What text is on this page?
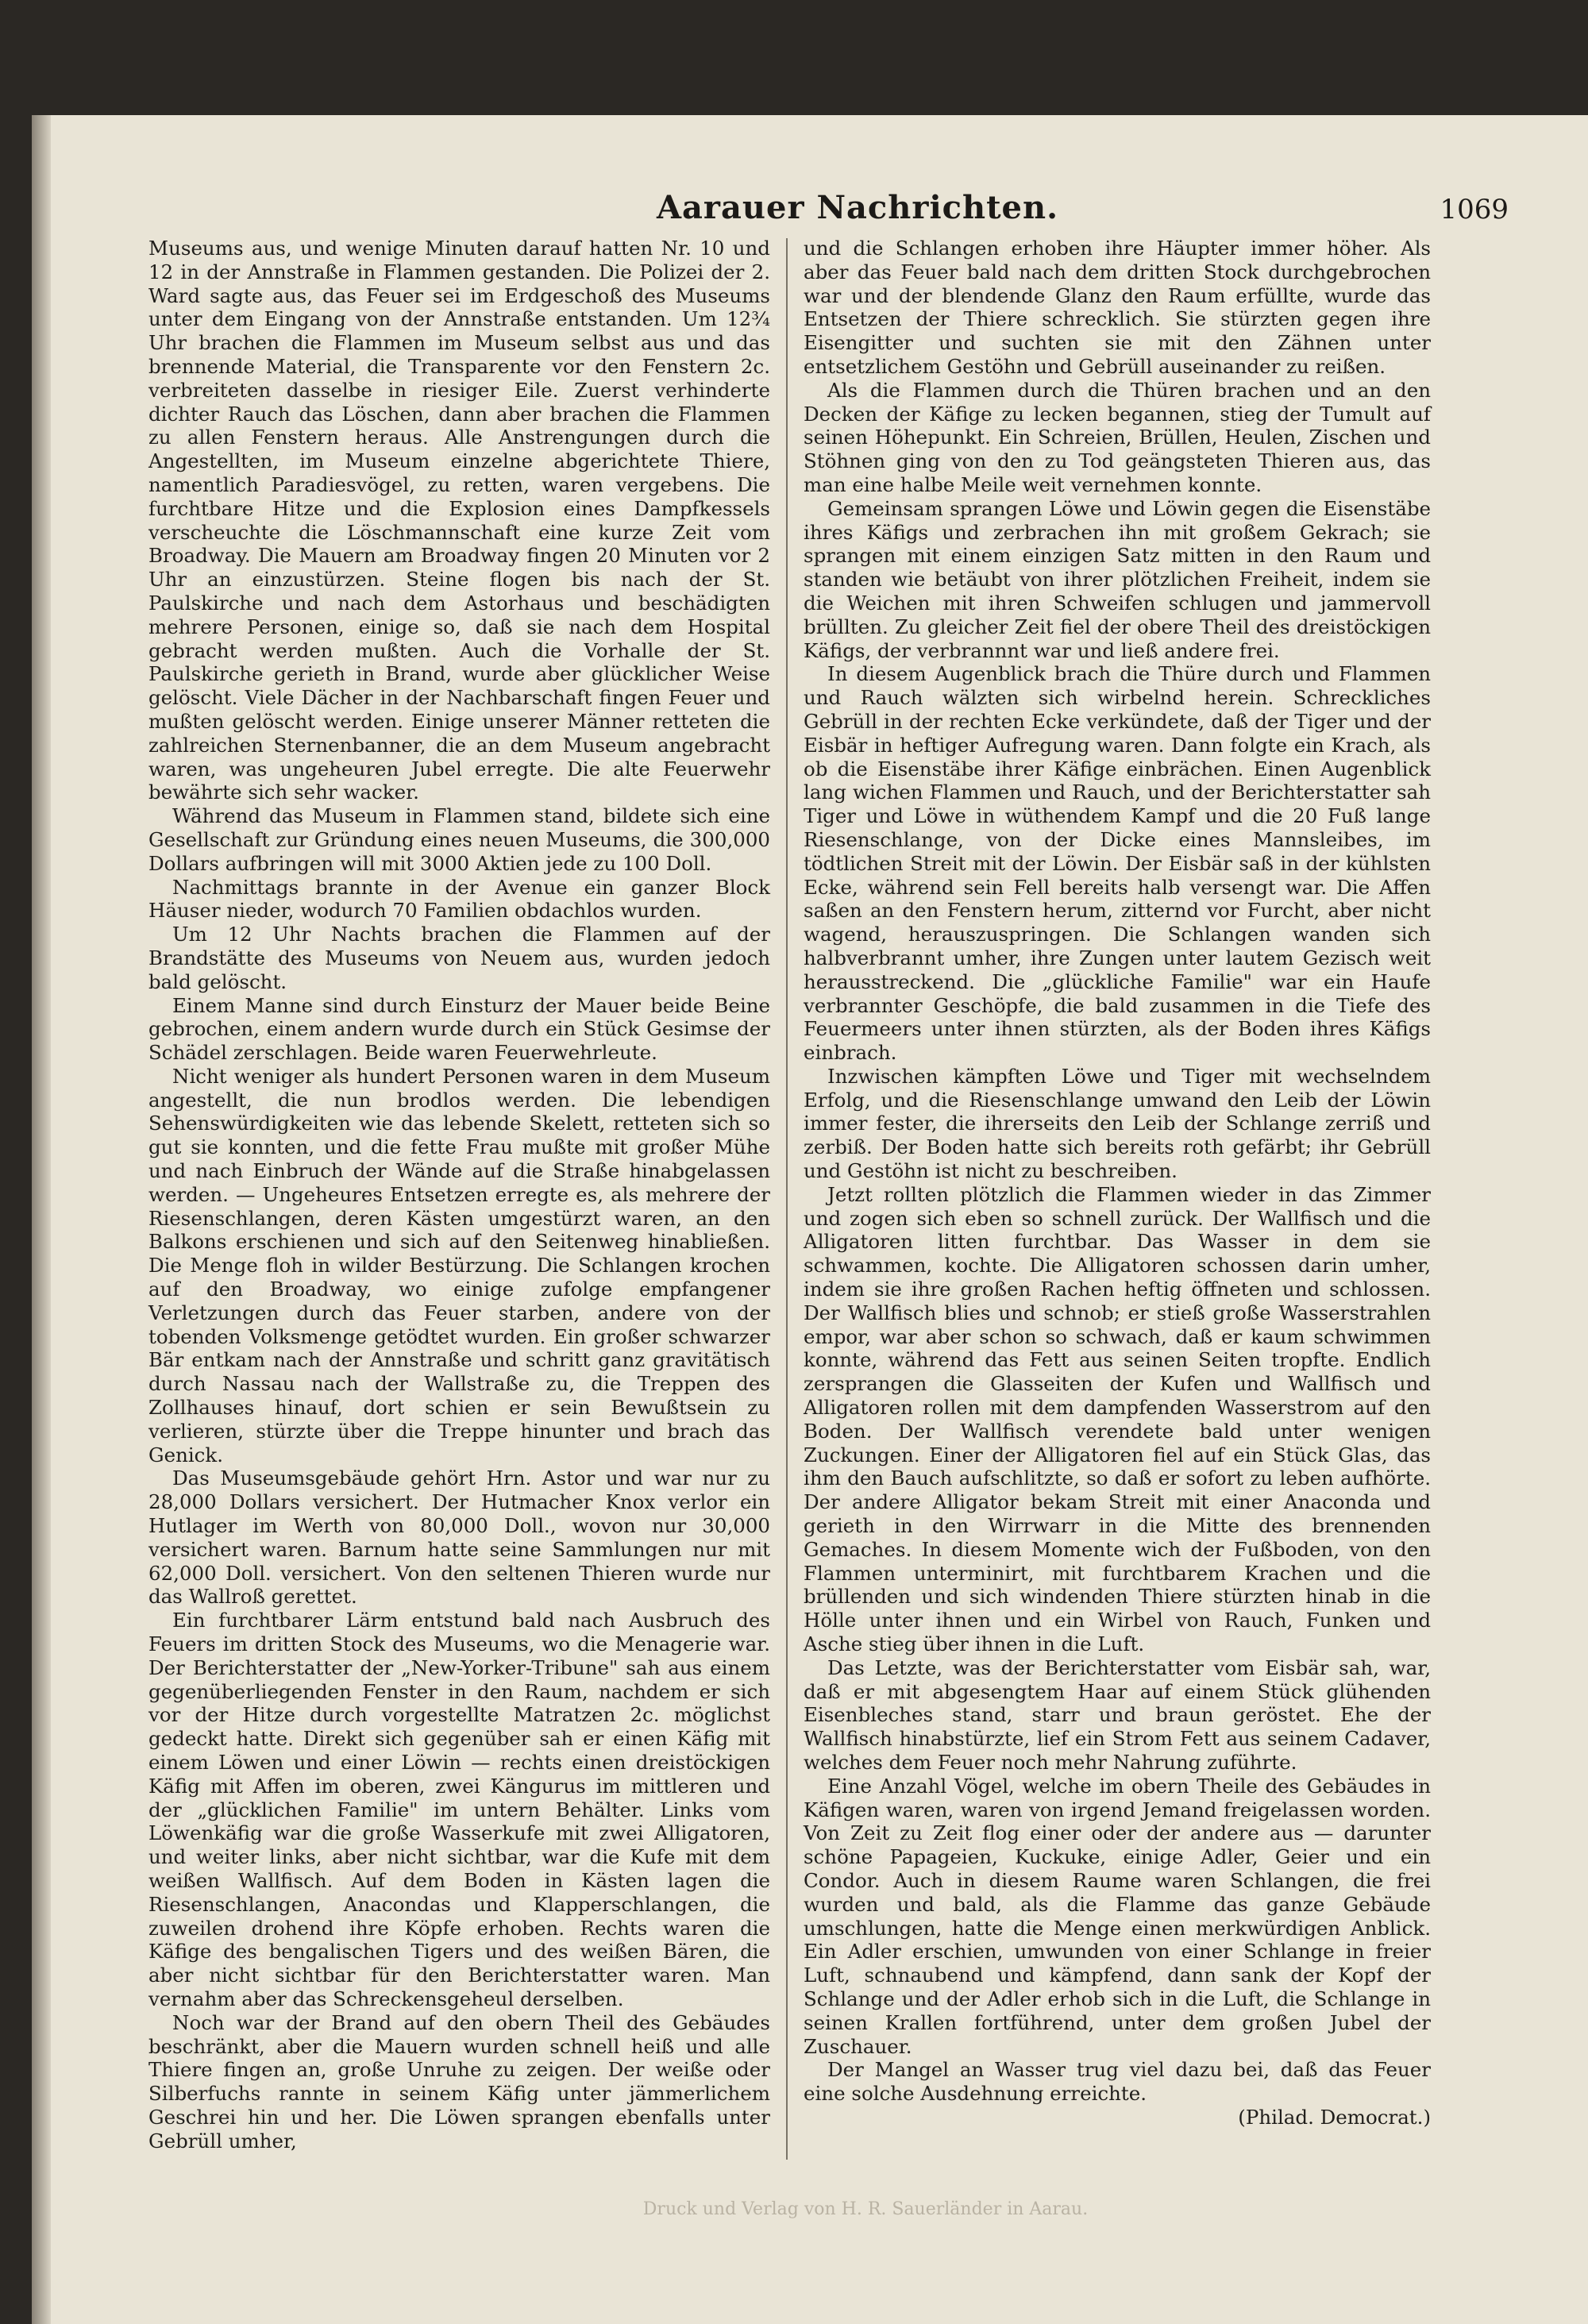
Aarauer Nachrichten.	1069

Museums aus, und wenige Minuten darauf hatten Nr. 10 und 12 in der Annstraße in Flammen gestanden. Die Polizei der 2. Ward sagte aus, das Feuer sei im Erdgeschoß des Museums unter dem Eingang von der Annstraße entstanden. Um 12¾ Uhr brachen die Flammen im Museum selbst aus und das brennende Material, die Transparente vor den Fenstern 2c. verbreiteten dasselbe in riesiger Eile. Zuerst verhinderte dichter Rauch das Löschen, dann aber brachen die Flammen zu allen Fenstern heraus. Alle Anstrengungen durch die Angestellten, im Museum einzelne abgerichtete Thiere, namentlich Paradiesvögel, zu retten, waren vergebens. Die furchtbare Hitze und die Explosion eines Dampfkessels verscheuchte die Löschmannschaft eine kurze Zeit vom Broadway. Die Mauern am Broadway fingen 20 Minuten vor 2 Uhr an einzustürzen. Steine flogen bis nach der St. Paulskirche und nach dem Astorhaus und beschädigten mehrere Personen, einige so, daß sie nach dem Hospital gebracht werden mußten. Auch die Vorhalle der St. Paulskirche gerieth in Brand, wurde aber glücklicher Weise gelöscht. Viele Dächer in der Nachbarschaft fingen Feuer und mußten gelöscht werden. Einige unserer Männer retteten die zahlreichen Sternenbanner, die an dem Museum angebracht waren, was ungeheuren Jubel erregte. Die alte Feuerwehr bewährte sich sehr wacker.

Während das Museum in Flammen stand, bildete sich eine Gesellschaft zur Gründung eines neuen Museums, die 300,000 Dollars aufbringen will mit 3000 Aktien jede zu 100 Doll.

Nachmittags brannte in der Avenue ein ganzer Block Häuser nieder, wodurch 70 Familien obdachlos wurden.

Um 12 Uhr Nachts brachen die Flammen auf der Brandstätte des Museums von Neuem aus, wurden jedoch bald gelöscht.

Einem Manne sind durch Einsturz der Mauer beide Beine gebrochen, einem andern wurde durch ein Stück Gesimse der Schädel zerschlagen. Beide waren Feuerwehrleute.

Nicht weniger als hundert Personen waren in dem Museum angestellt, die nun brodlos werden. Die lebendigen Sehenswürdigkeiten wie das lebende Skelett, retteten sich so gut sie konnten, und die fette Frau mußte mit großer Mühe und nach Einbruch der Wände auf die Straße hinabgelassen werden. — Ungeheures Entsetzen erregte es, als mehrere der Riesenschlangen, deren Kästen umgestürzt waren, an den Balkons erschienen und sich auf den Seitenweg hinabließen. Die Menge floh in wilder Bestürzung. Die Schlangen krochen auf den Broadway, wo einige zufolge empfangener Verletzungen durch das Feuer starben, andere von der tobenden Volksmenge getödtet wurden. Ein großer schwarzer Bär entkam nach der Annstraße und schritt ganz gravitätisch durch Nassau nach der Wallstraße zu, die Treppen des Zollhauses hinauf, dort schien er sein Bewußtsein zu verlieren, stürzte über die Treppe hinunter und brach das Genick.

Das Museumsgebäude gehört Hrn. Astor und war nur zu 28,000 Dollars versichert. Der Hutmacher Knox verlor ein Hutlager im Werth von 80,000 Doll., wovon nur 30,000 versichert waren. Barnum hatte seine Sammlungen nur mit 62,000 Doll. versichert. Von den seltenen Thieren wurde nur das Wallroß gerettet.

Ein furchtbarer Lärm entstund bald nach Ausbruch des Feuers im dritten Stock des Museums, wo die Menagerie war. Der Berichterstatter der „New-Yorker-Tribune" sah aus einem gegenüberliegenden Fenster in den Raum, nachdem er sich vor der Hitze durch vorgestellte Matratzen 2c. möglichst gedeckt hatte. Direkt sich gegenüber sah er einen Käfig mit einem Löwen und einer Löwin — rechts einen dreistöckigen Käfig mit Affen im oberen, zwei Kängurus im mittleren und der „glücklichen Familie" im untern Behälter. Links vom Löwenkäfig war die große Wasserkufe mit zwei Alligatoren, und weiter links, aber nicht sichtbar, war die Kufe mit dem weißen Wallfisch. Auf dem Boden in Kästen lagen die Riesenschlangen, Anacondas und Klapperschlangen, die zuweilen drohend ihre Köpfe erhoben. Rechts waren die Käfige des bengalischen Tigers und des weißen Bären, die aber nicht sichtbar für den Berichterstatter waren. Man vernahm aber das Schreckensgeheul derselben.

Noch war der Brand auf den obern Theil des Gebäudes beschränkt, aber die Mauern wurden schnell heiß und alle Thiere fingen an, große Unruhe zu zeigen. Der weiße oder Silberfuchs rannte in seinem Käfig unter jämmerlichem Geschrei hin und her. Die Löwen sprangen ebenfalls unter Gebrüll umher,

und die Schlangen erhoben ihre Häupter immer höher. Als aber das Feuer bald nach dem dritten Stock durchgebrochen war und der blendende Glanz den Raum erfüllte, wurde das Entsetzen der Thiere schrecklich. Sie stürzten gegen ihre Eisengitter und suchten sie mit den Zähnen unter entsetzlichem Gestöhn und Gebrüll auseinander zu reißen.

Als die Flammen durch die Thüren brachen und an den Decken der Käfige zu lecken begannen, stieg der Tumult auf seinen Höhepunkt. Ein Schreien, Brüllen, Heulen, Zischen und Stöhnen ging von den zu Tod geängsteten Thieren aus, das man eine halbe Meile weit vernehmen konnte.

Gemeinsam sprangen Löwe und Löwin gegen die Eisenstäbe ihres Käfigs und zerbrachen ihn mit großem Gekrach; sie sprangen mit einem einzigen Satz mitten in den Raum und standen wie betäubt von ihrer plötzlichen Freiheit, indem sie die Weichen mit ihren Schweifen schlugen und jammervoll brüllten. Zu gleicher Zeit fiel der obere Theil des dreistöckigen Käfigs, der verbrannnt war und ließ andere frei.

In diesem Augenblick brach die Thüre durch und Flammen und Rauch wälzten sich wirbelnd herein. Schreckliches Gebrüll in der rechten Ecke verkündete, daß der Tiger und der Eisbär in heftiger Aufregung waren. Dann folgte ein Krach, als ob die Eisenstäbe ihrer Käfige einbrächen. Einen Augenblick lang wichen Flammen und Rauch, und der Berichterstatter sah Tiger und Löwe in wüthendem Kampf und die 20 Fuß lange Riesenschlange, von der Dicke eines Mannsleibes, im tödtlichen Streit mit der Löwin. Der Eisbär saß in der kühlsten Ecke, während sein Fell bereits halb versengt war. Die Affen saßen an den Fenstern herum, zitternd vor Furcht, aber nicht wagend, herauszuspringen. Die Schlangen wanden sich halbverbrannt umher, ihre Zungen unter lautem Gezisch weit herausstreckend. Die „glückliche Familie" war ein Haufe verbrannter Geschöpfe, die bald zusammen in die Tiefe des Feuermeers unter ihnen stürzten, als der Boden ihres Käfigs einbrach.

Inzwischen kämpften Löwe und Tiger mit wechselndem Erfolg, und die Riesenschlange umwand den Leib der Löwin immer fester, die ihrerseits den Leib der Schlange zerriß und zerbiß. Der Boden hatte sich bereits roth gefärbt; ihr Gebrüll und Gestöhn ist nicht zu beschreiben.

Jetzt rollten plötzlich die Flammen wieder in das Zimmer und zogen sich eben so schnell zurück. Der Wallfisch und die Alligatoren litten furchtbar. Das Wasser in dem sie schwammen, kochte. Die Alligatoren schossen darin umher, indem sie ihre großen Rachen heftig öffneten und schlossen. Der Wallfisch blies und schnob; er stieß große Wasserstrahlen empor, war aber schon so schwach, daß er kaum schwimmen konnte, während das Fett aus seinen Seiten tropfte. Endlich zersprangen die Glasseiten der Kufen und Wallfisch und Alligatoren rollen mit dem dampfenden Wasserstrom auf den Boden. Der Wallfisch verendete bald unter wenigen Zuckungen. Einer der Alligatoren fiel auf ein Stück Glas, das ihm den Bauch aufschlitzte, so daß er sofort zu leben aufhörte. Der andere Alligator bekam Streit mit einer Anaconda und gerieth in den Wirrwarr in die Mitte des brennenden Gemaches. In diesem Momente wich der Fußboden, von den Flammen unterminirt, mit furchtbarem Krachen und die brüllenden und sich windenden Thiere stürzten hinab in die Hölle unter ihnen und ein Wirbel von Rauch, Funken und Asche stieg über ihnen in die Luft.

Das Letzte, was der Berichterstatter vom Eisbär sah, war, daß er mit abgesengtem Haar auf einem Stück glühenden Eisenbleches stand, starr und braun geröstet. Ehe der Wallfisch hinabstürzte, lief ein Strom Fett aus seinem Cadaver, welches dem Feuer noch mehr Nahrung zuführte.

Eine Anzahl Vögel, welche im obern Theile des Gebäudes in Käfigen waren, waren von irgend Jemand freigelassen worden. Von Zeit zu Zeit flog einer oder der andere aus — darunter schöne Papageien, Kuckuke, einige Adler, Geier und ein Condor. Auch in diesem Raume waren Schlangen, die frei wurden und bald, als die Flamme das ganze Gebäude umschlungen, hatte die Menge einen merkwürdigen Anblick. Ein Adler erschien, umwunden von einer Schlange in freier Luft, schnaubend und kämpfend, dann sank der Kopf der Schlange und der Adler erhob sich in die Luft, die Schlange in seinen Krallen fortführend, unter dem großen Jubel der Zuschauer.

Der Mangel an Wasser trug viel dazu bei, daß das Feuer eine solche Ausdehnung erreichte.

(Philad. Democrat.)
Druck und Verlag von H. R. Sauerländer in Aarau.
